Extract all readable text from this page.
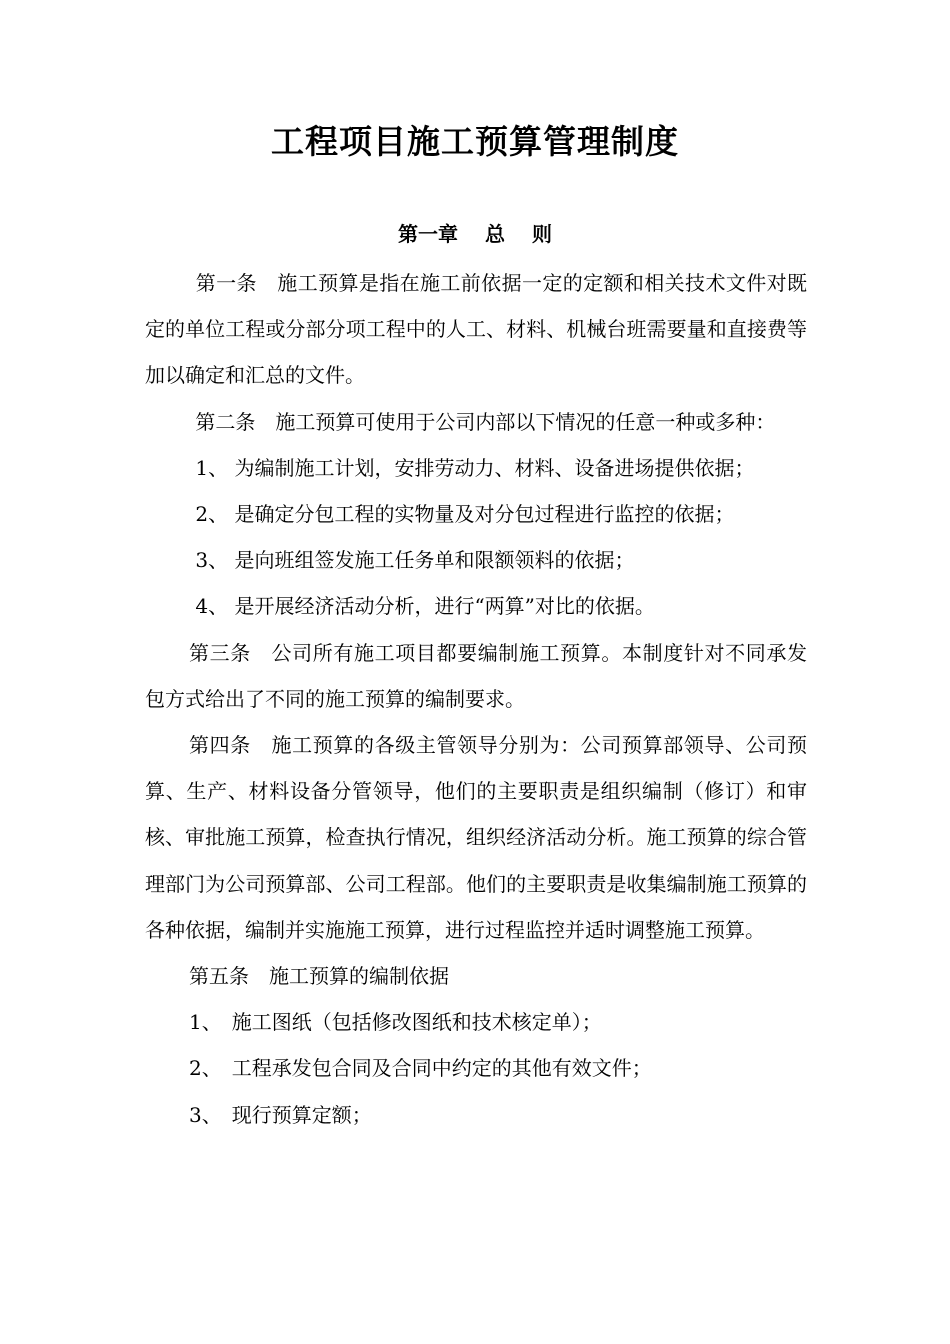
工程项目施工预算管理制度
第一章　 总　 则

第一条　施工预算是指在施工前依据一定的定额和相关技术文件对既定的单位工程或分部分项工程中的人工、材料、机械台班需要量和直接费等加以确定和汇总的文件。

第二条　施工预算可使用于公司内部以下情况的任意一种或多种：

1、 为编制施工计划，安排劳动力、材料、设备进场提供依据；

2、 是确定分包工程的实物量及对分包过程进行监控的依据；

3、 是向班组签发施工任务单和限额领料的依据；

4、 是开展经济活动分析，进行“两算”对比的依据。

第三条　公司所有施工项目都要编制施工预算。本制度针对不同承发包方式给出了不同的施工预算的编制要求。

第四条　施工预算的各级主管领导分别为：公司预算部领导、公司预算、生产、材料设备分管领导，他们的主要职责是组织编制（修订）和审核、审批施工预算，检查执行情况，组织经济活动分析。施工预算的综合管理部门为公司预算部、公司工程部。他们的主要职责是收集编制施工预算的各种依据，编制并实施施工预算，进行过程监控并适时调整施工预算。

第五条　施工预算的编制依据

1、　施工图纸（包括修改图纸和技术核定单）；

2、　工程承发包合同及合同中约定的其他有效文件；

3、　现行预算定额；
